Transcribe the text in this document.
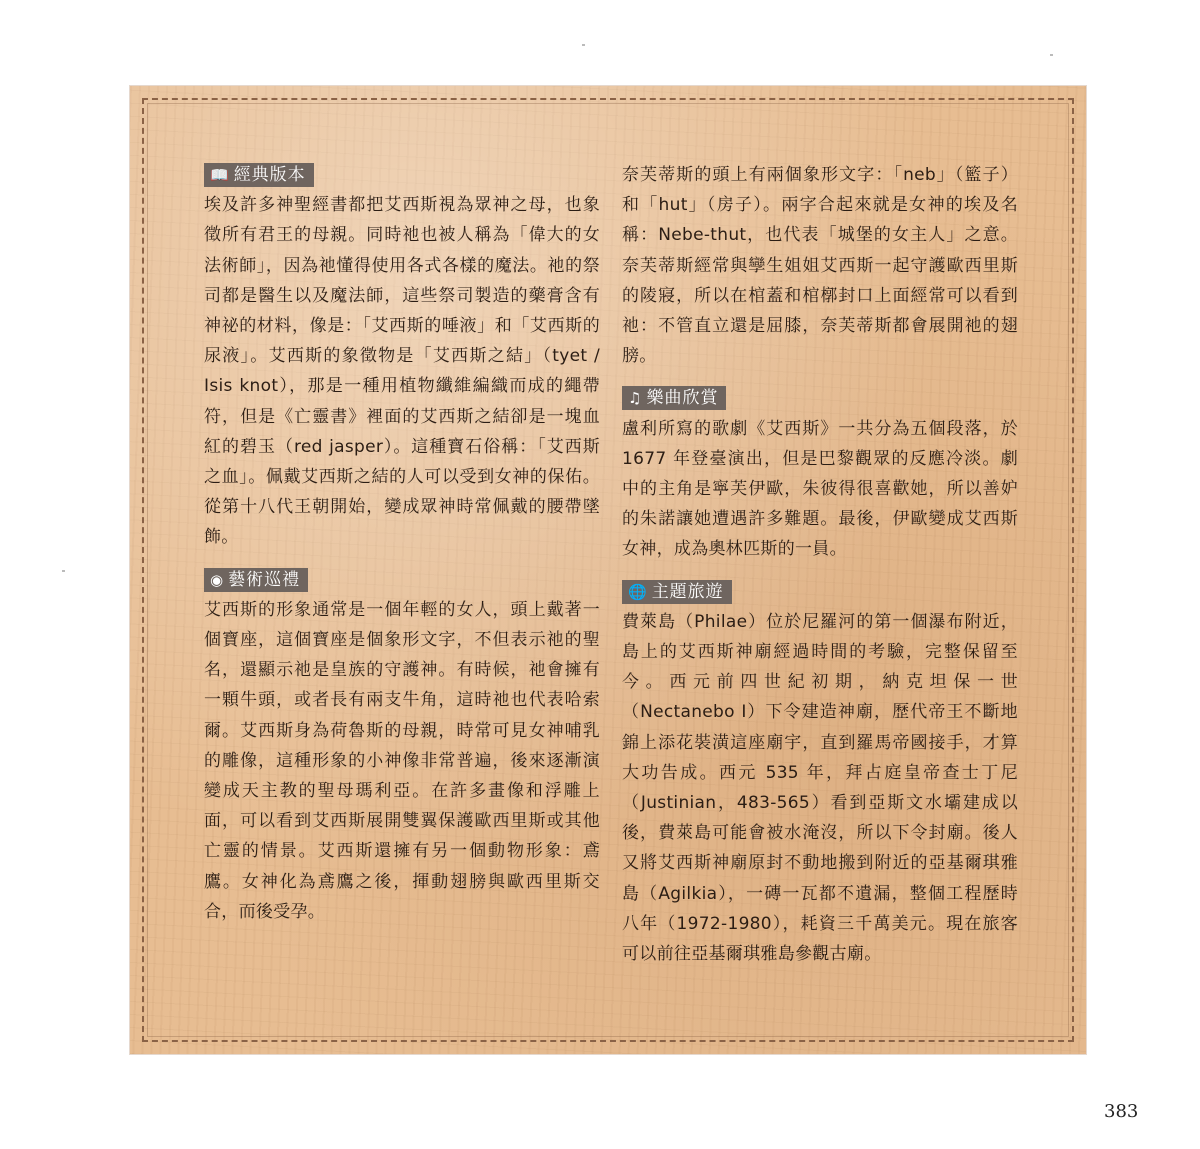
📖 經典版本

埃及許多神聖經書都把艾西斯視為眾神之母，也象徵所有君王的母親。同時祂也被人稱為「偉大的女法術師」，因為祂懂得使用各式各樣的魔法。祂的祭司都是醫生以及魔法師，這些祭司製造的藥膏含有神祕的材料，像是：「艾西斯的唾液」和「艾西斯的尿液」。艾西斯的象徵物是「艾西斯之結」（tyet / Isis knot），那是一種用植物纖維編織而成的繩帶符，但是《亡靈書》裡面的艾西斯之結卻是一塊血紅的碧玉（red jasper）。這種寶石俗稱：「艾西斯之血」。佩戴艾西斯之結的人可以受到女神的保佑。從第十八代王朝開始，變成眾神時常佩戴的腰帶墜飾。

◉ 藝術巡禮

艾西斯的形象通常是一個年輕的女人，頭上戴著一個寶座，這個寶座是個象形文字，不但表示祂的聖名，還顯示祂是皇族的守護神。有時候，祂會擁有一顆牛頭，或者長有兩支牛角，這時祂也代表哈索爾。艾西斯身為荷魯斯的母親，時常可見女神哺乳的雕像，這種形象的小神像非常普遍，後來逐漸演變成天主教的聖母瑪利亞。在許多畫像和浮雕上面，可以看到艾西斯展開雙翼保護歐西里斯或其他亡靈的情景。艾西斯還擁有另一個動物形象：鳶鷹。女神化為鳶鷹之後，揮動翅膀與歐西里斯交合，而後受孕。

奈芙蒂斯的頭上有兩個象形文字：「neb」（籃子）和「hut」（房子）。兩字合起來就是女神的埃及名稱：Nebe-thut，也代表「城堡的女主人」之意。奈芙蒂斯經常與孿生姐姐艾西斯一起守護歐西里斯的陵寢，所以在棺蓋和棺槨封口上面經常可以看到祂：不管直立還是屈膝，奈芙蒂斯都會展開祂的翅膀。

♫ 樂曲欣賞

盧利所寫的歌劇《艾西斯》一共分為五個段落，於 1677 年登臺演出，但是巴黎觀眾的反應冷淡。劇中的主角是寧芙伊歐，朱彼得很喜歡她，所以善妒的朱諾讓她遭遇許多難題。最後，伊歐變成艾西斯女神，成為奧林匹斯的一員。

🌐 主題旅遊

費萊島（Philae）位於尼羅河的第一個瀑布附近，島上的艾西斯神廟經過時間的考驗，完整保留至今。西元前四世紀初期，納克坦保一世（Nectanebo I）下令建造神廟，歷代帝王不斷地錦上添花裝潢這座廟宇，直到羅馬帝國接手，才算大功告成。西元 535 年，拜占庭皇帝查士丁尼（Justinian，483-565）看到亞斯文水壩建成以後，費萊島可能會被水淹沒，所以下令封廟。後人又將艾西斯神廟原封不動地搬到附近的亞基爾琪雅島（Agilkia），一磚一瓦都不遺漏，整個工程歷時八年（1972-1980），耗資三千萬美元。現在旅客可以前往亞基爾琪雅島參觀古廟。

383
